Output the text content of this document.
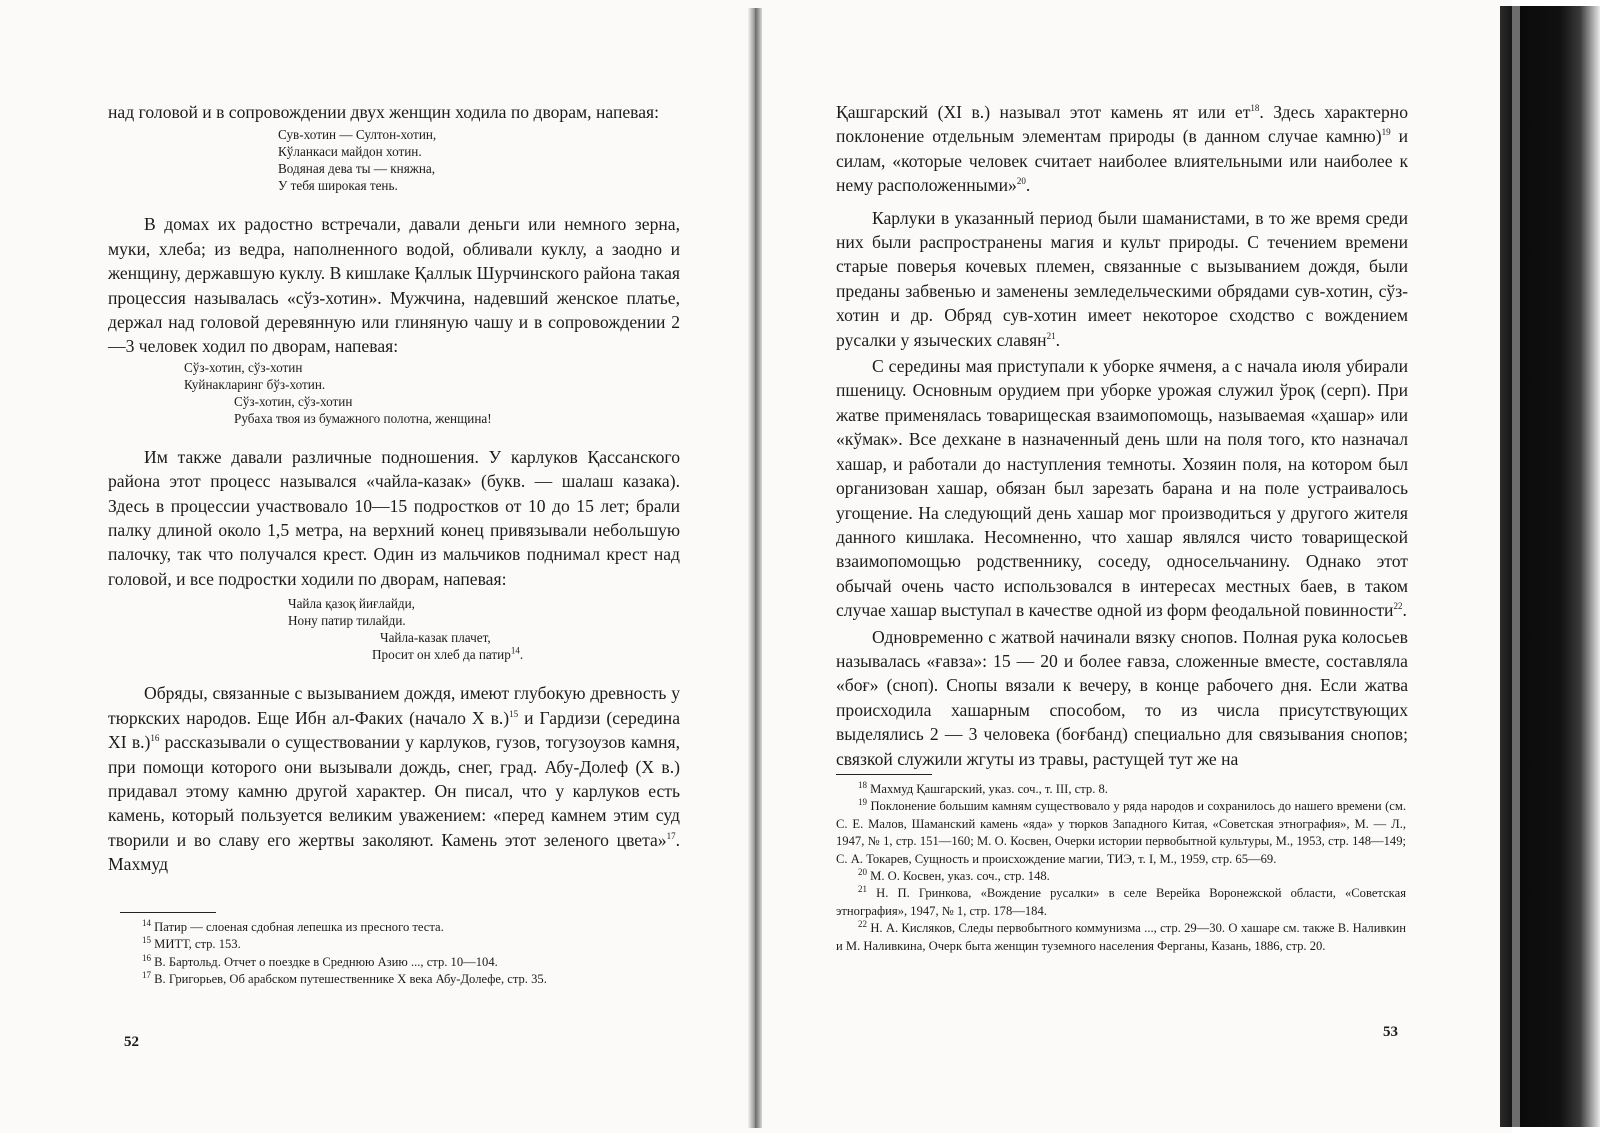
над головой и в сопровождении двух женщин ходила по дворам, напевая:

Сув-хотин — Султон-хотин,
Кўланкаси майдон хотин.
Водяная дева ты — княжна,
У тебя широкая тень.

В домах их радостно встречали, давали деньги или немного зерна, муки, хлеба; из ведра, наполненного водой, обливали куклу, а заодно и женщину, державшую куклу. В кишлаке Қаллык Шурчинского района такая процессия называлась «сўз-хотин». Мужчина, надевший женское платье, держал над головой деревянную или глиняную чашу и в сопровождении 2—3 человек ходил по дворам, напевая:

Сўз-хотин, сўз-хотин
Куйнакларинг бўз-хотин.
Сўз-хотин, сўз-хотин
Рубаха твоя из бумажного полотна, женщина!

Им также давали различные подношения. У карлуков Қассанского района этот процесс назывался «чайла-казак» (букв. — шалаш казака). Здесь в процессии участвовало 10—15 подростков от 10 до 15 лет; брали палку длиной около 1,5 метра, на верхний конец привязывали небольшую палочку, так что получался крест. Один из мальчиков поднимал крест над головой, и все подростки ходили по дворам, напевая:

Чайла қазоқ йиғлайди,
Нону патир тилайди.
Чайла-казак плачет,
Просит он хлеб да патир$^{14}$.

Обряды, связанные с вызыванием дождя, имеют глубокую древность у тюркских народов. Еще Ибн ал-Факих (начало X в.)$^{15}$ и Гардизи (середина XI в.)$^{16}$ рассказывали о существовании у карлуков, гузов, тогузоузов камня, при помощи которого они вызывали дождь, снег, град. Абу-Долеф (X в.) придавал этому камню другой характер. Он писал, что у карлуков есть камень, который пользуется великим уважением: «перед камнем этим суд творили и во славу его жертвы заколяют. Камень этот зеленого цвета»$^{17}$. Махмуд

$^{14}$ Патир — слоеная сдобная лепешка из пресного теста.

$^{15}$ МИТТ, стр. 153.

$^{16}$ В. Бартольд. Отчет о поездке в Среднюю Азию ..., стр. 10—104.

$^{17}$ В. Григорьев, Об арабском путешественнике X века Абу-Долефе, стр. 35.

52

Қашгарский (XI в.) называл этот камень ят или $ет^{18}$. Здесь характерно поклонение отдельным элементам природы (в данном случае камню)$^{19}$ и силам, «которые человек считает наиболее влиятельными или наиболее к нему расположенными»$^{20}$.

Карлуки в указанный период были шаманистами, в то же время среди них были распространены магия и культ природы. С течением времени старые поверья кочевых племен, связанные с вызыванием дождя, были преданы забвенью и заменены земледельческими обрядами сув-хотин, сўз-хотин и др. Обряд сув-хотин имеет некоторое сходство с вождением русалки у языческих славян$^{21}$.

С середины мая приступали к уборке ячменя, а с начала июля убирали пшеницу. Основным орудием при уборке урожая служил ўроқ (серп). При жатве применялась товарищеская взаимопомощь, называемая «ҳашар» или «кўмак». Все дехкане в назначенный день шли на поля того, кто назначал хашар, и работали до наступления темноты. Хозяин поля, на котором был организован хашар, обязан был зарезать барана и на поле устраивалось угощение. На следующий день хашар мог производиться у другого жителя данного кишлака. Несомненно, что хашар являлся чисто товарищеской взаимопомощью родственнику, соседу, односельчанину. Однако этот обычай очень часто использовался в интересах местных баев, в таком случае хашар выступал в качестве одной из форм феодальной повинности$^{22}$.

Одновременно с жатвой начинали вязку снопов. Полная рука колосьев называлась «ғавза»: 15 — 20 и более ғавза, сложенные вместе, составляла «боғ» (сноп). Снопы вязали к вечеру, в конце рабочего дня. Если жатва происходила хашарным способом, то из числа присутствующих выделялись 2 — 3 человека (боғбанд) специально для связывания снопов; связкой служили жгуты из травы, растущей тут же на

$^{18}$ Махмуд Қашгарский, указ. соч., т. III, стр. 8.

$^{19}$ Поклонение большим камням существовало у ряда народов и сохранилось до нашего времени (см. С. Е. Малов, Шаманский камень «яда» у тюрков Западного Китая, «Советская этнография», М. — Л., 1947, № 1, стр. 151—160; М. О. Косвен, Очерки истории первобытной культуры, М., 1953, стр. 148—149; С. А. Токарев, Сущность и происхождение магии, ТИЭ, т. I, М., 1959, стр. 65—69.

$^{20}$ М. О. Косвен, указ. соч., стр. 148.

$^{21}$ Н. П. Гринкова, «Вождение русалки» в селе Верейка Воронежской области, «Советская этнография», 1947, № 1, стр. 178—184.

$^{22}$ Н. А. Кисляков, Следы первобытного коммунизма ..., стр. 29—30. О хашаре см. также В. Наливкин и М. Наливкина, Очерк быта женщин туземного населения Ферганы, Казань, 1886, стр. 20.

53
